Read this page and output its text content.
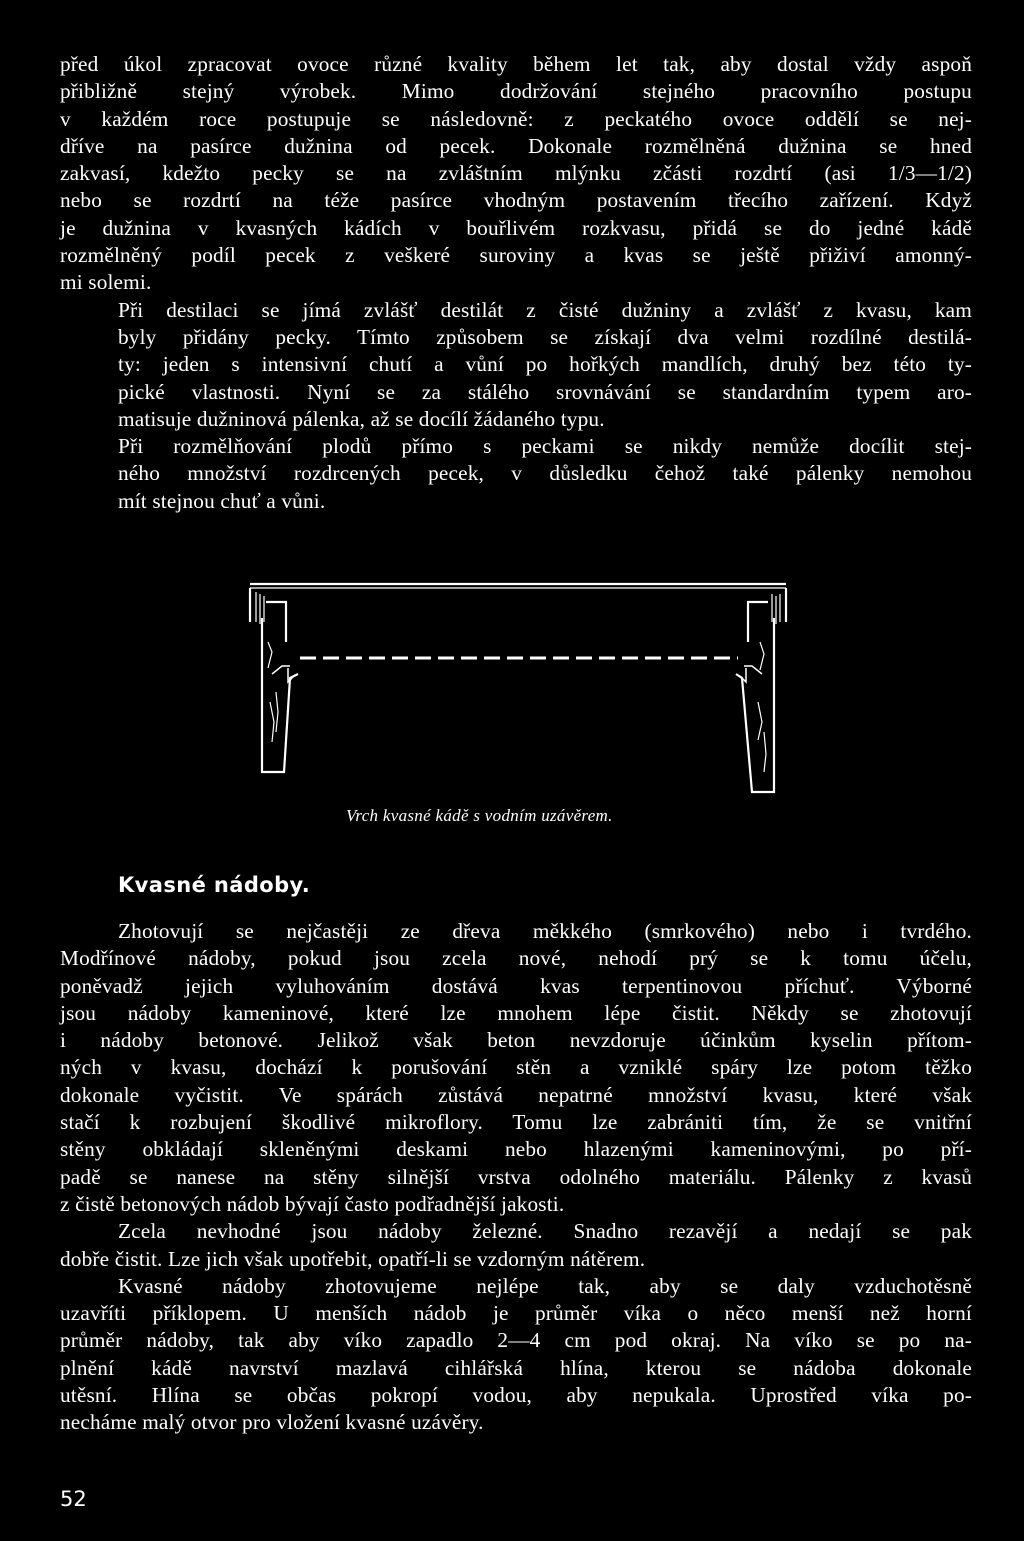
před úkol zpracovat ovoce různé kvality během let tak, aby dostal vždy aspoň
přibližně stejný výrobek. Mimo dodržování stejného pracovního postupu
v každém roce postupuje se následovně: z peckatého ovoce oddělí se nej-
dříve na pasírce dužnina od pecek. Dokonale rozmělněná dužnina se hned
zakvasí, kdežto pecky se na zvláštním mlýnku zčásti rozdrtí (asi 1/3—1/2)
nebo se rozdrtí na téže pasírce vhodným postavením třecího zařízení. Když
je dužnina v kvasných kádích v bouřlivém rozkvasu, přidá se do jedné kádě
rozmělněný podíl pecek z veškeré suroviny a kvas se ještě přiživí amonný-
mi solemi.

Při destilaci se jímá zvlášť destilát z čisté dužniny a zvlášť z kvasu, kam
byly přidány pecky. Tímto způsobem se získají dva velmi rozdílné destilá-
ty: jeden s intensivní chutí a vůní po hořkých mandlích, druhý bez této ty-
pické vlastnosti. Nyní se za stálého srovnávání se standardním typem aro-
matisuje dužninová pálenka, až se docílí žádaného typu.

Při rozmělňování plodů přímo s peckami se nikdy nemůže docílit stej-
ného množství rozdrcených pecek, v důsledku čehož také pálenky nemohou
mít stejnou chuť a vůni.

Vrch kvasné kádě s vodním uzávěrem.
Kvasné nádoby.

Zhotovují se nejčastěji ze dřeva měkkého (smrkového) nebo i tvrdého.
Modřínové nádoby, pokud jsou zcela nové, nehodí prý se k tomu účelu,
poněvadž jejich vyluhováním dostává kvas terpentinovou příchuť. Výborné
jsou nádoby kameninové, které lze mnohem lépe čistit. Někdy se zhotovují
i nádoby betonové. Jelikož však beton nevzdoruje účinkům kyselin přítom-
ných v kvasu, dochází k porušování stěn a vzniklé spáry lze potom těžko
dokonale vyčistit. Ve spárách zůstává nepatrné množství kvasu, které však
stačí k rozbujení škodlivé mikroflory. Tomu lze zabrániti tím, že se vnitřní
stěny obkládají skleněnými deskami nebo hlazenými kameninovými, po pří-
padě se nanese na stěny silnější vrstva odolného materiálu. Pálenky z kvasů
z čistě betonových nádob bývají často podřadnější jakosti.

Zcela nevhodné jsou nádoby železné. Snadno rezavějí a nedají se pak
dobře čistit. Lze jich však upotřebit, opatří-li se vzdorným nátěrem.

Kvasné nádoby zhotovujeme nejlépe tak, aby se daly vzduchotěsně
uzavříti příklopem. U menších nádob je průměr víka o něco menší než horní
průměr nádoby, tak aby víko zapadlo 2—4 cm pod okraj. Na víko se po na-
plnění kádě navrství mazlavá cihlářská hlína, kterou se nádoba dokonale
utěsní. Hlína se občas pokropí vodou, aby nepukala. Uprostřed víka po-
necháme malý otvor pro vložení kvasné uzávěry.

52
